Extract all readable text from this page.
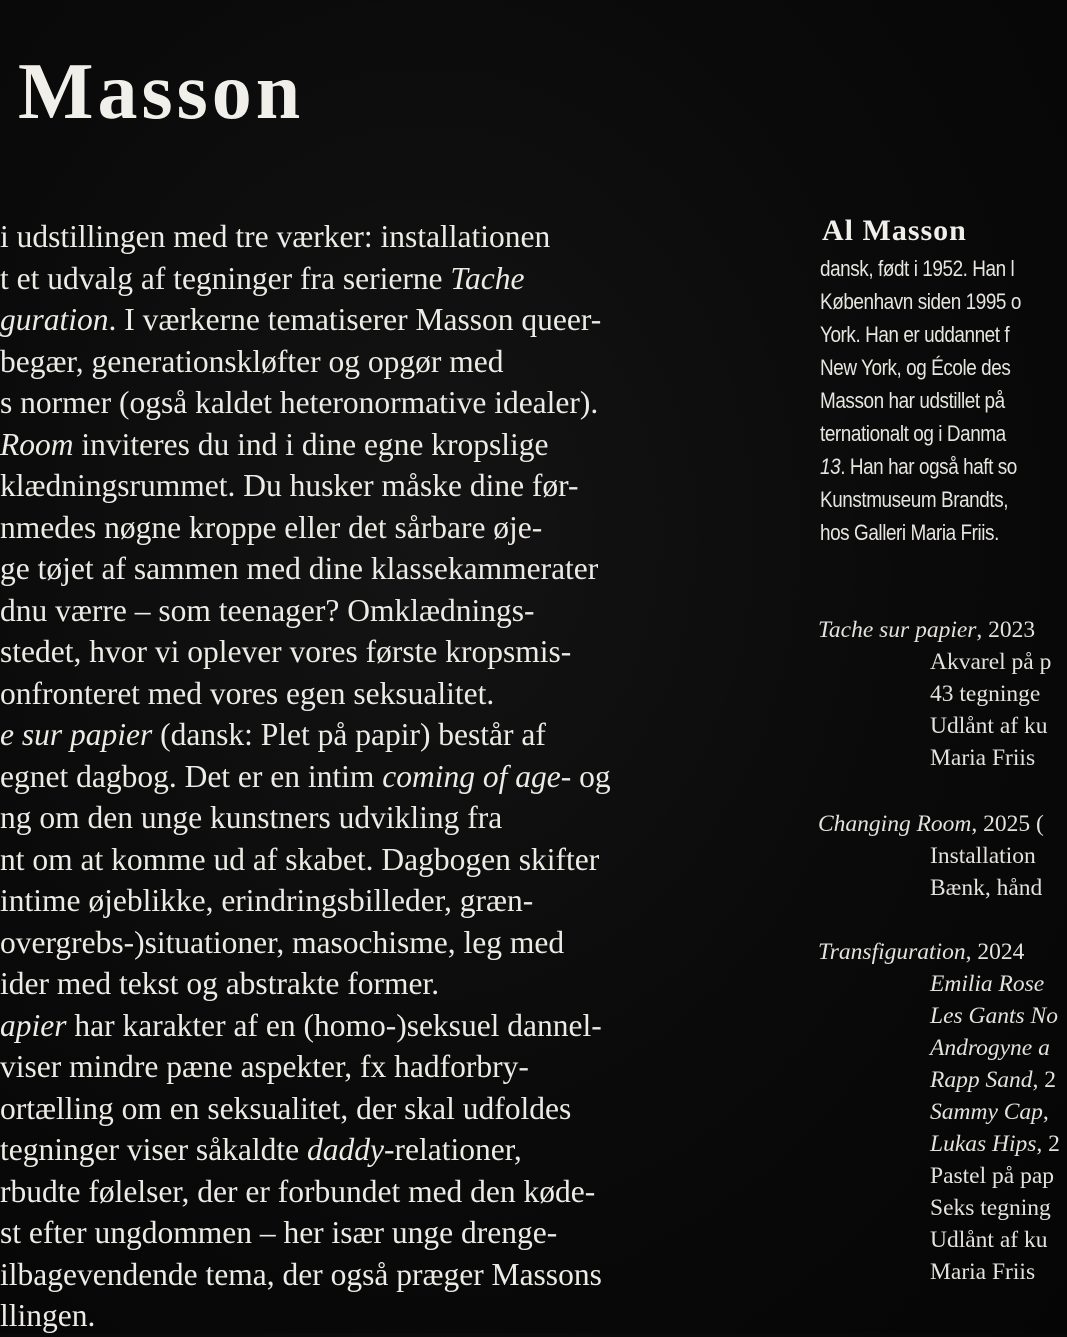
Masson
i udstillingen med tre værker: installationen
t et udvalg af tegninger fra serierne Tache
guration. I værkerne tematiserer Masson queer-
begær, generationskløfter og opgør med
s normer (også kaldet heteronormative idealer).
Room inviteres du ind i dine egne kropslige
klædningsrummet. Du husker måske dine før-
nmedes nøgne kroppe eller det sårbare øje-
ge tøjet af sammen med dine klassekammerater
dnu værre – som teenager? Omklædnings-
stedet, hvor vi oplever vores første kropsmis-
onfronteret med vores egen seksualitet.
e sur papier (dansk: Plet på papir) består af
egnet dagbog. Det er en intim coming of age- og
ng om den unge kunstners udvikling fra
nt om at komme ud af skabet. Dagbogen skifter
intime øjeblikke, erindringsbilleder, græn-
overgrebs-)situationer, masochisme, leg med
ider med tekst og abstrakte former.
apier har karakter af en (homo-)seksuel dannel-
viser mindre pæne aspekter, fx hadforbry-
ortælling om en seksualitet, der skal udfoldes
tegninger viser såkaldte daddy-relationer,
rbudte følelser, der er forbundet med den køde-
st efter ungdommen – her især unge drenge-
ilbagevendende tema, der også præger Massons
llingen.
Al Masson
dansk, født i 1952. Han l
København siden 1995 o
York. Han er uddannet f
New York, og École des
Masson har udstillet på
ternationalt og i Danma
13. Han har også haft so
Kunstmuseum Brandts,
hos Galleri Maria Friis.
Tache sur papier, 2023
Akvarel på p
43 tegninge
Udlånt af ku
Maria Friis
Changing Room, 2025 (
Installation
Bænk, hånd
Transfiguration, 2024
Emilia Rose
Les Gants No
Androgyne a
Rapp Sand, 2
Sammy Cap,
Lukas Hips, 2
Pastel på pap
Seks tegning
Udlånt af ku
Maria Friis
